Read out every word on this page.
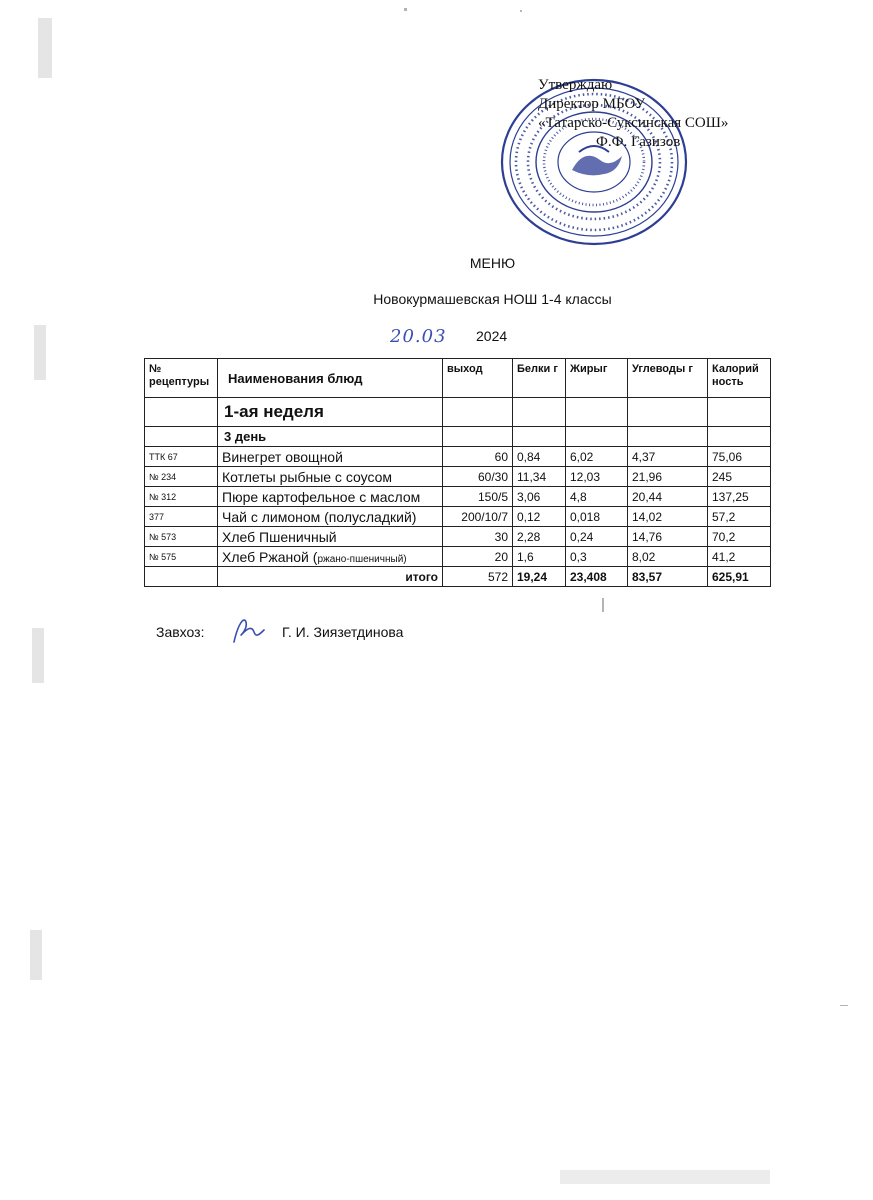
Утверждаю
Директор МБОУ
«Татарско-Суксинская СОШ»
Ф.Ф. Газизов
МЕНЮ
Новокурмашевская НОШ 1-4 классы
20.03 2024
№ рецептуры	Наименования блюд	выход	Белки г	Жирыг	Углеводы г	Калорий ность
	1-ая неделя					
	3 день					
ТТК 67	Винегрет овощной	60	0,84	6,02	4,37	75,06
№ 234	Котлеты рыбные с соусом	60/30	11,34	12,03	21,96	245
№ 312	Пюре картофельное с маслом	150/5	3,06	4,8	20,44	137,25
377	Чай с лимоном (полусладкий)	200/10/7	0,12	0,018	14,02	57,2
№ 573	Хлеб Пшеничный	30	2,28	0,24	14,76	70,2
№ 575	Хлеб Ржаной (ржано-пшеничный)	20	1,6	0,3	8,02	41,2
	итого	572	19,24	23,408	83,57	625,91
Завхоз:	Г. И. Зиязетдинова
